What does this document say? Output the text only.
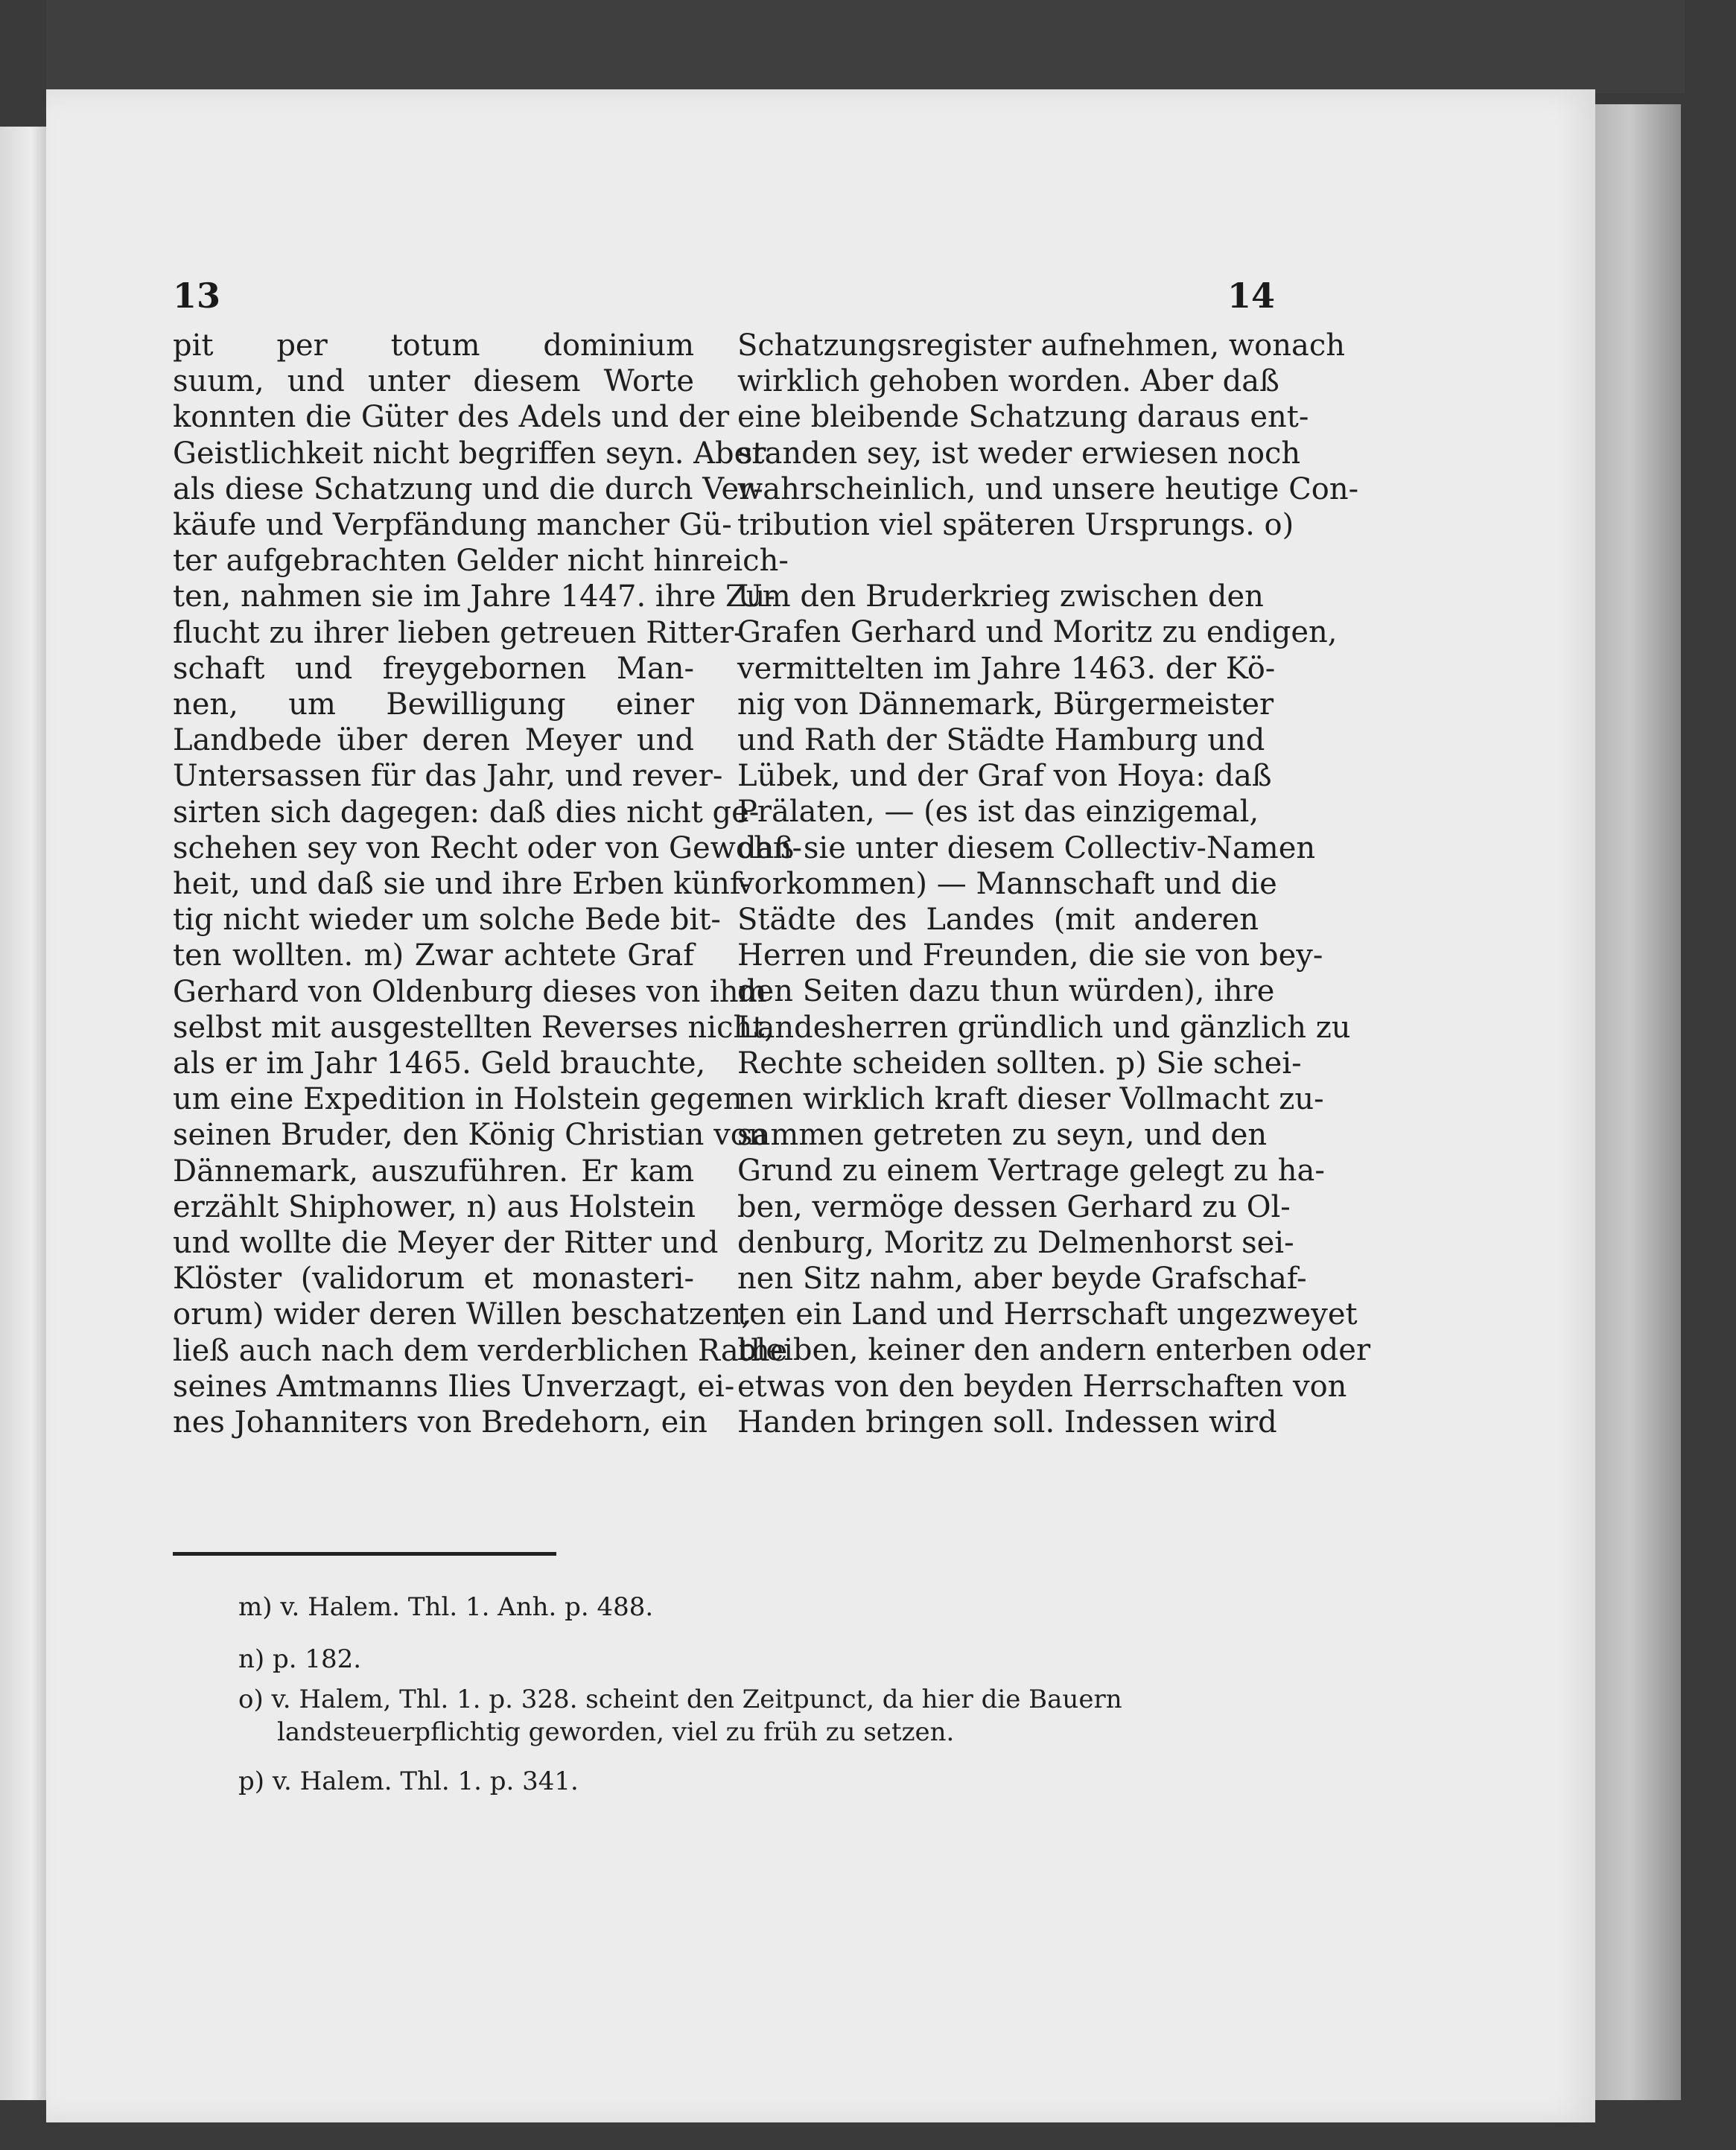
13	14
pit per totum dominium
suum, und unter diesem Worte
konnten die Güter des Adels und der
Geistlichkeit nicht begriffen seyn. Aber
als diese Schatzung und die durch Ver-
käufe und Verpfändung mancher Gü-
ter aufgebrachten Gelder nicht hinreich-
ten, nahmen sie im Jahre 1447. ihre Zu-
flucht zu ihrer lieben getreuen Ritter-
schaft und freygebornen Man-
nen, um Bewilligung einer
Landbede über deren Meyer und
Untersassen für das Jahr, und rever-
sirten sich dagegen: daß dies nicht ge-
schehen sey von Recht oder von Gewohn-
heit, und daß sie und ihre Erben künf-
tig nicht wieder um solche Bede bit-
ten wollten. m) Zwar achtete Graf
Gerhard von Oldenburg dieses von ihm
selbst mit ausgestellten Reverses nicht,
als er im Jahr 1465. Geld brauchte,
um eine Expedition in Holstein gegen
seinen Bruder, den König Christian von
Dännemark, auszuführen. Er kam
erzählt Shiphower, n) aus Holstein
und wollte die Meyer der Ritter und
Klöster (validorum et monasteri-
orum) wider deren Willen beschatzen,
ließ auch nach dem verderblichen Rathe
seines Amtmanns Ilies Unverzagt, ei-
nes Johanniters von Bredehorn, ein
Schatzungsregister aufnehmen, wonach
wirklich gehoben worden. Aber daß
eine bleibende Schatzung daraus ent-
standen sey, ist weder erwiesen noch
wahrscheinlich, und unsere heutige Con-
tribution viel späteren Ursprungs. o)
Um den Bruderkrieg zwischen den
Grafen Gerhard und Moritz zu endigen,
vermittelten im Jahre 1463. der Kö-
nig von Dännemark, Bürgermeister
und Rath der Städte Hamburg und
Lübek, und der Graf von Hoya: daß
Prälaten, — (es ist das einzigemal,
daß sie unter diesem Collectiv-Namen
vorkommen) — Mannschaft und die
Städte des Landes (mit anderen
Herren und Freunden, die sie von bey-
den Seiten dazu thun würden), ihre
Landesherren gründlich und gänzlich zu
Rechte scheiden sollten. p) Sie schei-
nen wirklich kraft dieser Vollmacht zu-
sammen getreten zu seyn, und den
Grund zu einem Vertrage gelegt zu ha-
ben, vermöge dessen Gerhard zu Ol-
denburg, Moritz zu Delmenhorst sei-
nen Sitz nahm, aber beyde Grafschaf-
ten ein Land und Herrschaft ungezweyet
bleiben, keiner den andern enterben oder
etwas von den beyden Herrschaften von
Handen bringen soll. Indessen wird
m) v. Halem. Thl. 1. Anh. p. 488.
n) p. 182.
o) v. Halem, Thl. 1. p. 328. scheint den Zeitpunct, da hier die Bauern
landsteuerpflichtig geworden, viel zu früh zu setzen.
p) v. Halem. Thl. 1. p. 341.
